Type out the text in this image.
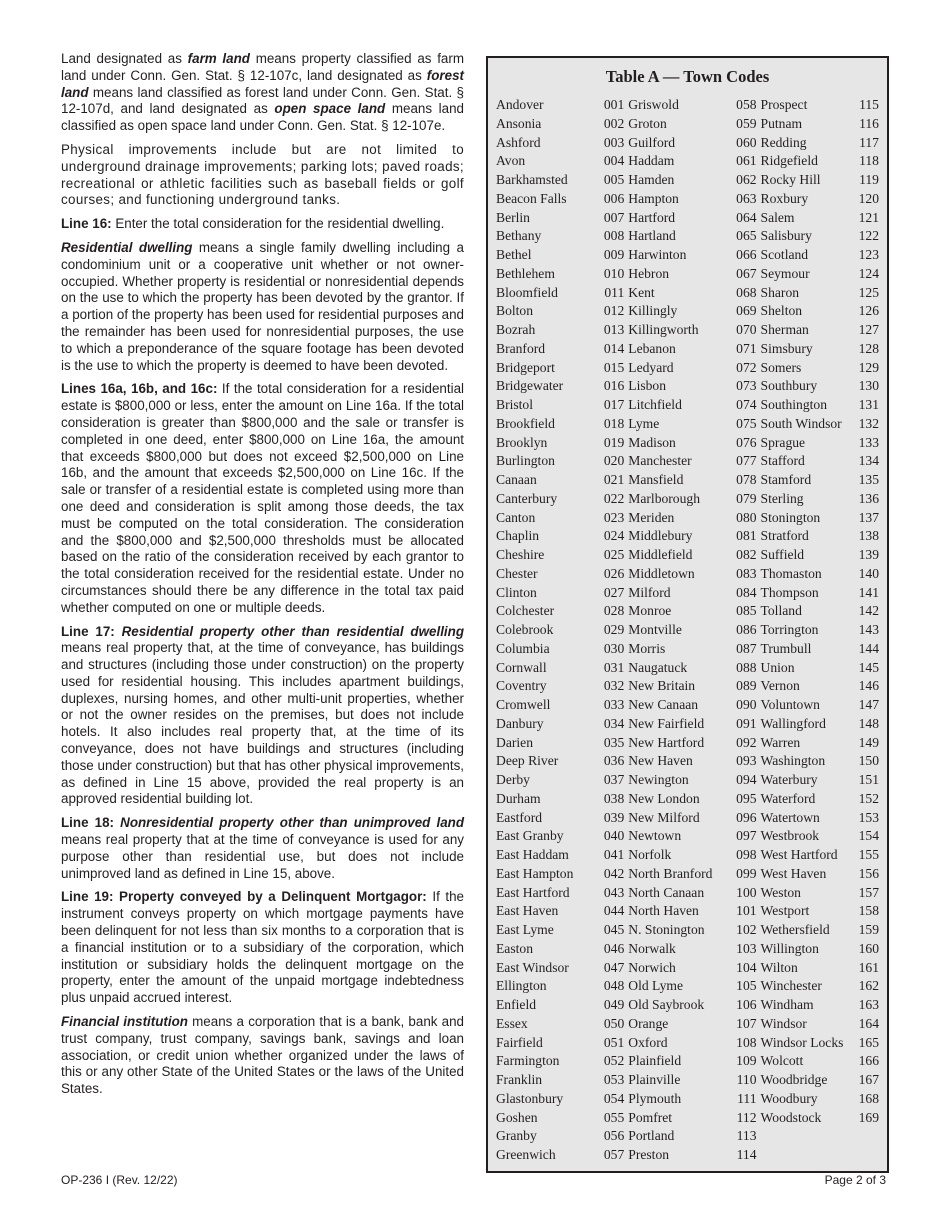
Land designated as farm land means property classified as farm land under Conn. Gen. Stat. § 12-107c, land designated as forest land means land classified as forest land under Conn. Gen. Stat. § 12-107d, and land designated as open space land means land classified as open space land under Conn. Gen. Stat. § 12-107e.

Physical improvements include but are not limited to underground drainage improvements; parking lots; paved roads; recreational or athletic facilities such as baseball fields or golf courses; and functioning underground tanks.

Line 16: Enter the total consideration for the residential dwelling.

Residential dwelling means a single family dwelling including a condominium unit or a cooperative unit whether or not owner-occupied. Whether property is residential or nonresidential depends on the use to which the property has been devoted by the grantor. If a portion of the property has been used for residential purposes and the remainder has been used for nonresidential purposes, the use to which a preponderance of the square footage has been devoted is the use to which the property is deemed to have been devoted.

Lines 16a, 16b, and 16c: If the total consideration for a residential estate is $800,000 or less, enter the amount on Line 16a. If the total consideration is greater than $800,000 and the sale or transfer is completed in one deed, enter $800,000 on Line 16a, the amount that exceeds $800,000 but does not exceed $2,500,000 on Line 16b, and the amount that exceeds $2,500,000 on Line 16c. If the sale or transfer of a residential estate is completed using more than one deed and consideration is split among those deeds, the tax must be computed on the total consideration. The consideration and the $800,000 and $2,500,000 thresholds must be allocated based on the ratio of the consideration received by each grantor to the total consideration received for the residential estate. Under no circumstances should there be any difference in the total tax paid whether computed on one or multiple deeds.

Line 17: Residential property other than residential dwelling means real property that, at the time of conveyance, has buildings and structures (including those under construction) on the property used for residential housing. This includes apartment buildings, duplexes, nursing homes, and other multi-unit properties, whether or not the owner resides on the premises, but does not include hotels. It also includes real property that, at the time of its conveyance, does not have buildings and structures (including those under construction) but that has other physical improvements, as defined in Line 15 above, provided the real property is an approved residential building lot.

Line 18: Nonresidential property other than unimproved land means real property that at the time of conveyance is used for any purpose other than residential use, but does not include unimproved land as defined in Line 15, above.

Line 19: Property conveyed by a Delinquent Mortgagor: If the instrument conveys property on which mortgage payments have been delinquent for not less than six months to a corporation that is a financial institution or to a subsidiary of the corporation, which institution or subsidiary holds the delinquent mortgage on the property, enter the amount of the unpaid mortgage indebtedness plus unpaid accrued interest.

Financial institution means a corporation that is a bank, bank and trust company, trust company, savings bank, savings and loan association, or credit union whether organized under the laws of this or any other State of the United States or the laws of the United States.

Table A — Town Codes
Andover	001
Ansonia	002
Ashford	003
Avon	004
Barkhamsted	005
Beacon Falls	006
Berlin	007
Bethany	008
Bethel	009
Bethlehem	010
Bloomfield	011
Bolton	012
Bozrah	013
Branford	014
Bridgeport	015
Bridgewater	016
Bristol	017
Brookfield	018
Brooklyn	019
Burlington	020
Canaan	021
Canterbury	022
Canton	023
Chaplin	024
Cheshire	025
Chester	026
Clinton	027
Colchester	028
Colebrook	029
Columbia	030
Cornwall	031
Coventry	032
Cromwell	033
Danbury	034
Darien	035
Deep River	036
Derby	037
Durham	038
Eastford	039
East Granby	040
East Haddam	041
East Hampton 042
East Hartford	043
East Haven	044
East Lyme	045
Easton	046
East Windsor	047
Ellington	048
Enfield	049
Essex	050
Fairfield	051
Farmington	052
Franklin	053
Glastonbury	054
Goshen	055
Granby	056
Greenwich	057
Griswold	058
Groton	059
Guilford	060
Haddam	061
Hamden	062
Hampton	063
Hartford	064
Hartland	065
Harwinton	066
Hebron	067
Kent	068
Killingly	069
Killingworth	070
Lebanon	071
Ledyard	072
Lisbon	073
Litchfield	074
Lyme	075
Madison	076
Manchester	077
Mansfield	078
Marlborough	079
Meriden	080
Middlebury	081
Middlefield	082
Middletown	083
Milford	084
Monroe	085
Montville	086
Morris	087
Naugatuck	088
New Britain	089
New Canaan	090
New Fairfield 091
New Hartford 092
New Haven	093
Newington	094
New London	095
New Milford	096
Newtown	097
Norfolk	098
North Branford 099
North Canaan 100
North Haven	101
N. Stonington 102
Norwalk	103
Norwich	104
Old Lyme	105
Old Saybrook 106
Orange	107
Oxford	108
Plainfield	109
Plainville	110
Plymouth	111
Pomfret	112
Portland	113
Preston	114
Prospect	115
Putnam	116
Redding	117
Ridgefield	118
Rocky Hill	119
Roxbury	120
Salem	121
Salisbury	122
Scotland	123
Seymour	124
Sharon	125
Shelton	126
Sherman	127
Simsbury	128
Somers	129
Southbury	130
Southington 131
South Windsor 132
Sprague	133
Stafford	134
Stamford	135
Sterling	136
Stonington	137
Stratford	138
Suffield	139
Thomaston	140
Thompson	141
Tolland	142
Torrington	143
Trumbull	144
Union	145
Vernon	146
Voluntown	147
Wallingford 148
Warren	149
Washington 150
Waterbury	151
Waterford	152
Watertown	153
Westbrook	154
West Hartford 155
West Haven 156
Weston	157
Westport	158
Wethersfield 159
Willington	160
Wilton	161
Winchester	162
Windham	163
Windsor	164
Windsor Locks 165
Wolcott	166
Woodbridge 167
Woodbury	168
Woodstock	169
OP-236 I (Rev. 12/22)	Page 2 of 3
